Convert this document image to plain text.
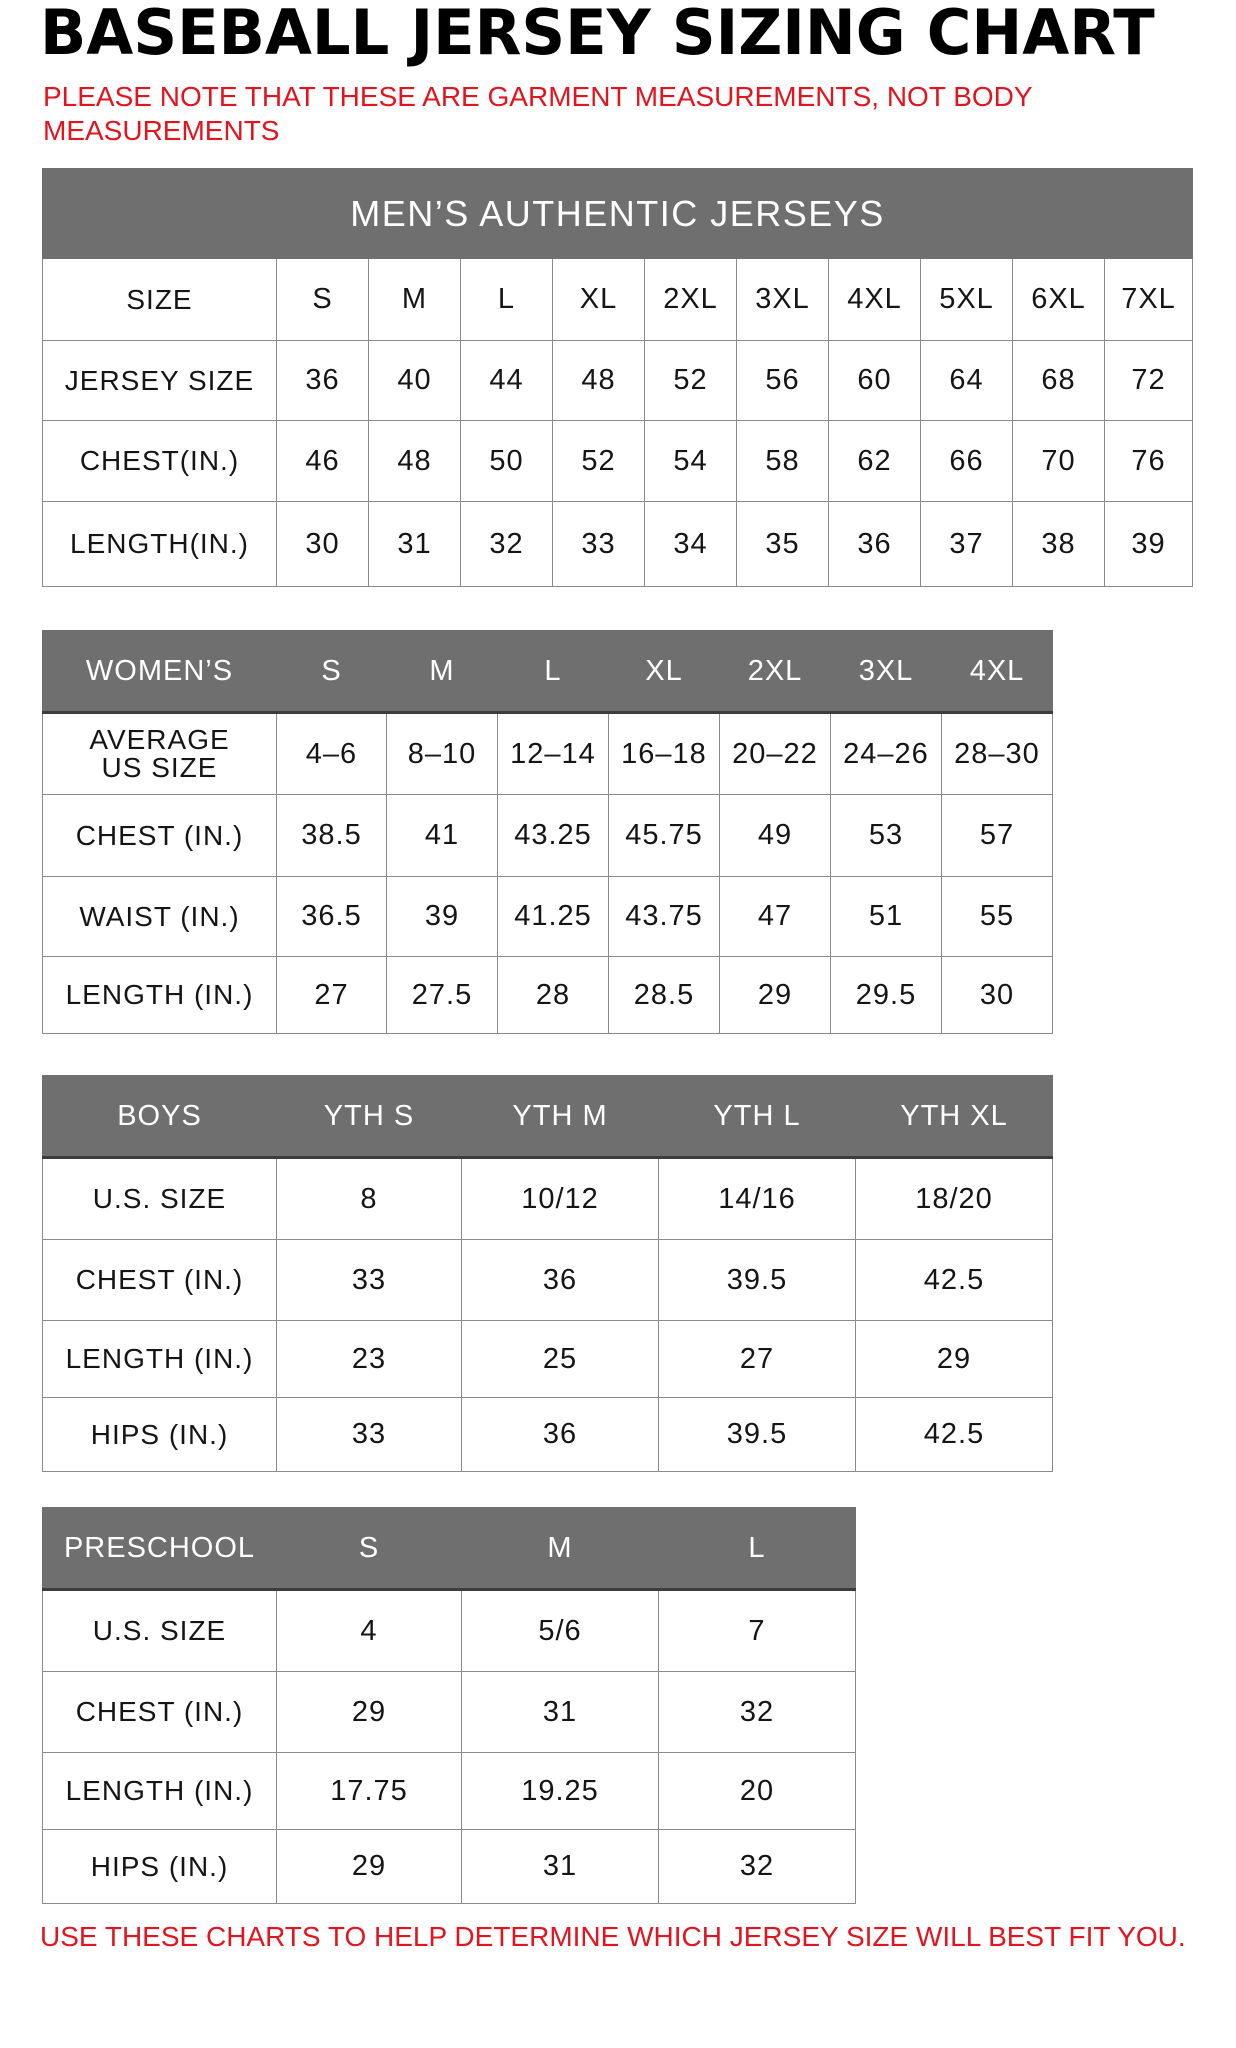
BASEBALL JERSEY SIZING CHART

PLEASE NOTE THAT THESE ARE GARMENT MEASUREMENTS, NOT BODY MEASUREMENTS

MEN’S AUTHENTIC JERSEYS										
SIZE	S	M	L	XL	2XL	3XL	4XL	5XL	6XL	7XL
JERSEY SIZE	36	40	44	48	52	56	60	64	68	72
CHEST(IN.)	46	48	50	52	54	58	62	66	70	76
LENGTH(IN.)	30	31	32	33	34	35	36	37	38	39
WOMEN’S	S	M	L	XL	2XL	3XL	4XL
AVERAGE US SIZE	4–6	8–10	12–14	16–18	20–22	24–26	28–30
CHEST (IN.)	38.5	41	43.25	45.75	49	53	57
WAIST (IN.)	36.5	39	41.25	43.75	47	51	55
LENGTH (IN.)	27	27.5	28	28.5	29	29.5	30
BOYS	YTH S	YTH M	YTH L	YTH XL
U.S. SIZE	8	10/12	14/16	18/20
CHEST (IN.)	33	36	39.5	42.5
LENGTH (IN.)	23	25	27	29
HIPS (IN.)	33	36	39.5	42.5
PRESCHOOL	S	M	L
U.S. SIZE	4	5/6	7
CHEST (IN.)	29	31	32
LENGTH (IN.)	17.75	19.25	20
HIPS (IN.)	29	31	32

USE THESE CHARTS TO HELP DETERMINE WHICH JERSEY SIZE WILL BEST FIT YOU.
